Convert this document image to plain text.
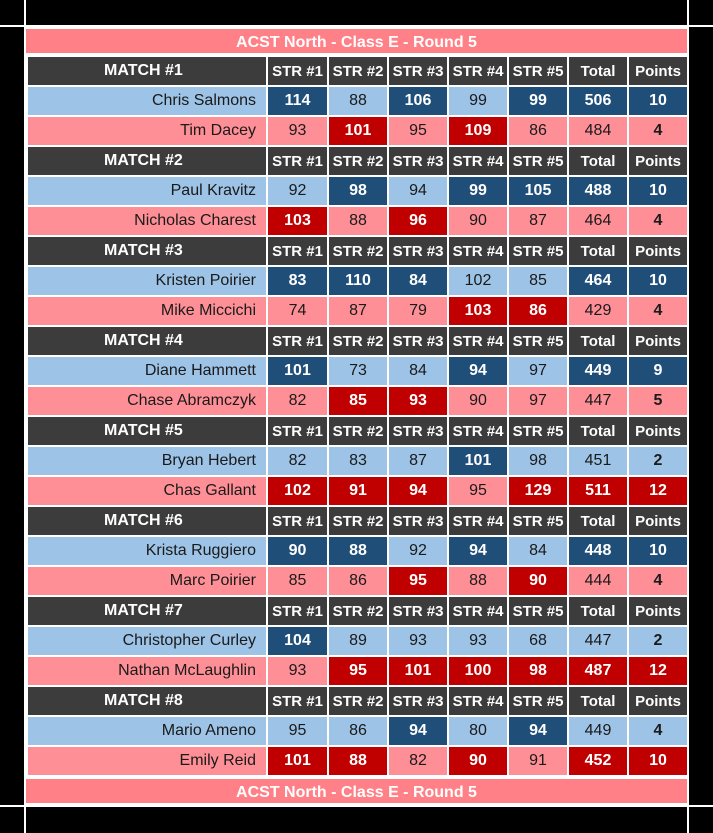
ACST North - Class E - Round 5
MATCH #1	STR #1	STR #2	STR #3	STR #4	STR #5	Total	Points
Chris Salmons	114	88	106	99	99	506	10
Tim Dacey	93	101	95	109	86	484	4
MATCH #2	STR #1	STR #2	STR #3	STR #4	STR #5	Total	Points
Paul Kravitz	92	98	94	99	105	488	10
Nicholas Charest	103	88	96	90	87	464	4
MATCH #3	STR #1	STR #2	STR #3	STR #4	STR #5	Total	Points
Kristen Poirier	83	110	84	102	85	464	10
Mike Miccichi	74	87	79	103	86	429	4
MATCH #4	STR #1	STR #2	STR #3	STR #4	STR #5	Total	Points
Diane Hammett	101	73	84	94	97	449	9
Chase Abramczyk	82	85	93	90	97	447	5
MATCH #5	STR #1	STR #2	STR #3	STR #4	STR #5	Total	Points
Bryan Hebert	82	83	87	101	98	451	2
Chas Gallant	102	91	94	95	129	511	12
MATCH #6	STR #1	STR #2	STR #3	STR #4	STR #5	Total	Points
Krista Ruggiero	90	88	92	94	84	448	10
Marc Poirier	85	86	95	88	90	444	4
MATCH #7	STR #1	STR #2	STR #3	STR #4	STR #5	Total	Points
Christopher Curley	104	89	93	93	68	447	2
Nathan McLaughlin	93	95	101	100	98	487	12
MATCH #8	STR #1	STR #2	STR #3	STR #4	STR #5	Total	Points
Mario Ameno	95	86	94	80	94	449	4
Emily Reid	101	88	82	90	91	452	10
ACST North - Class E - Round 5
